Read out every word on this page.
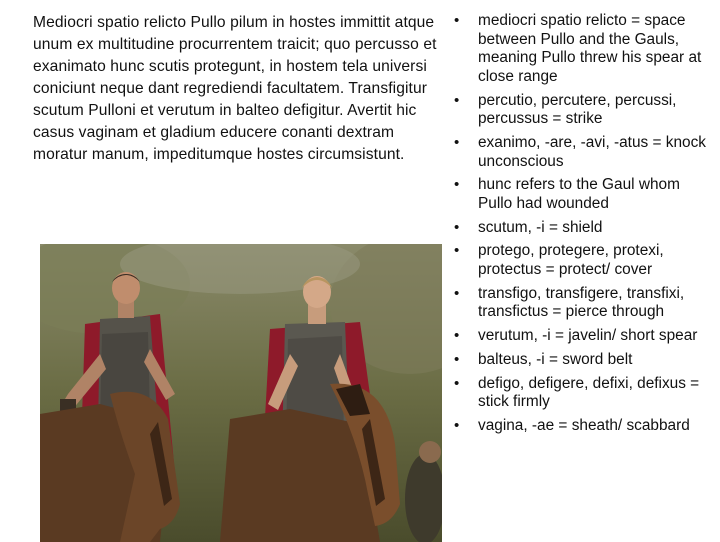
Mediocri spatio relicto Pullo pilum in hostes immittit atque unum ex multitudine procurrentem traicit; quo percusso et exanimato hunc scutis protegunt, in hostem tela universi coniciunt neque dant regrediendi facultatem. Transfigitur scutum Pulloni et verutum in balteo defigitur. Avertit hic casus vaginam et gladium educere conanti dextram moratur manum, impeditumque hostes circumsistunt.
• mediocri spatio relicto = space between Pullo and the Gauls, meaning Pullo threw his spear at close range
• percutio, percutere, percussi, percussus = strike
• exanimo, -are, -avi, -atus = knock unconscious
• hunc refers to the Gaul whom Pullo had wounded
• scutum, -i = shield
• protego, protegere, protexi, protectus = protect/ cover
• transfigo, transfigere, transfixi, transfictus = pierce through
• verutum, -i = javelin/ short spear
• balteus, -i = sword belt
• defigo, defigere, defixi, defixus = stick firmly
• vagina, -ae = sheath/ scabbard
